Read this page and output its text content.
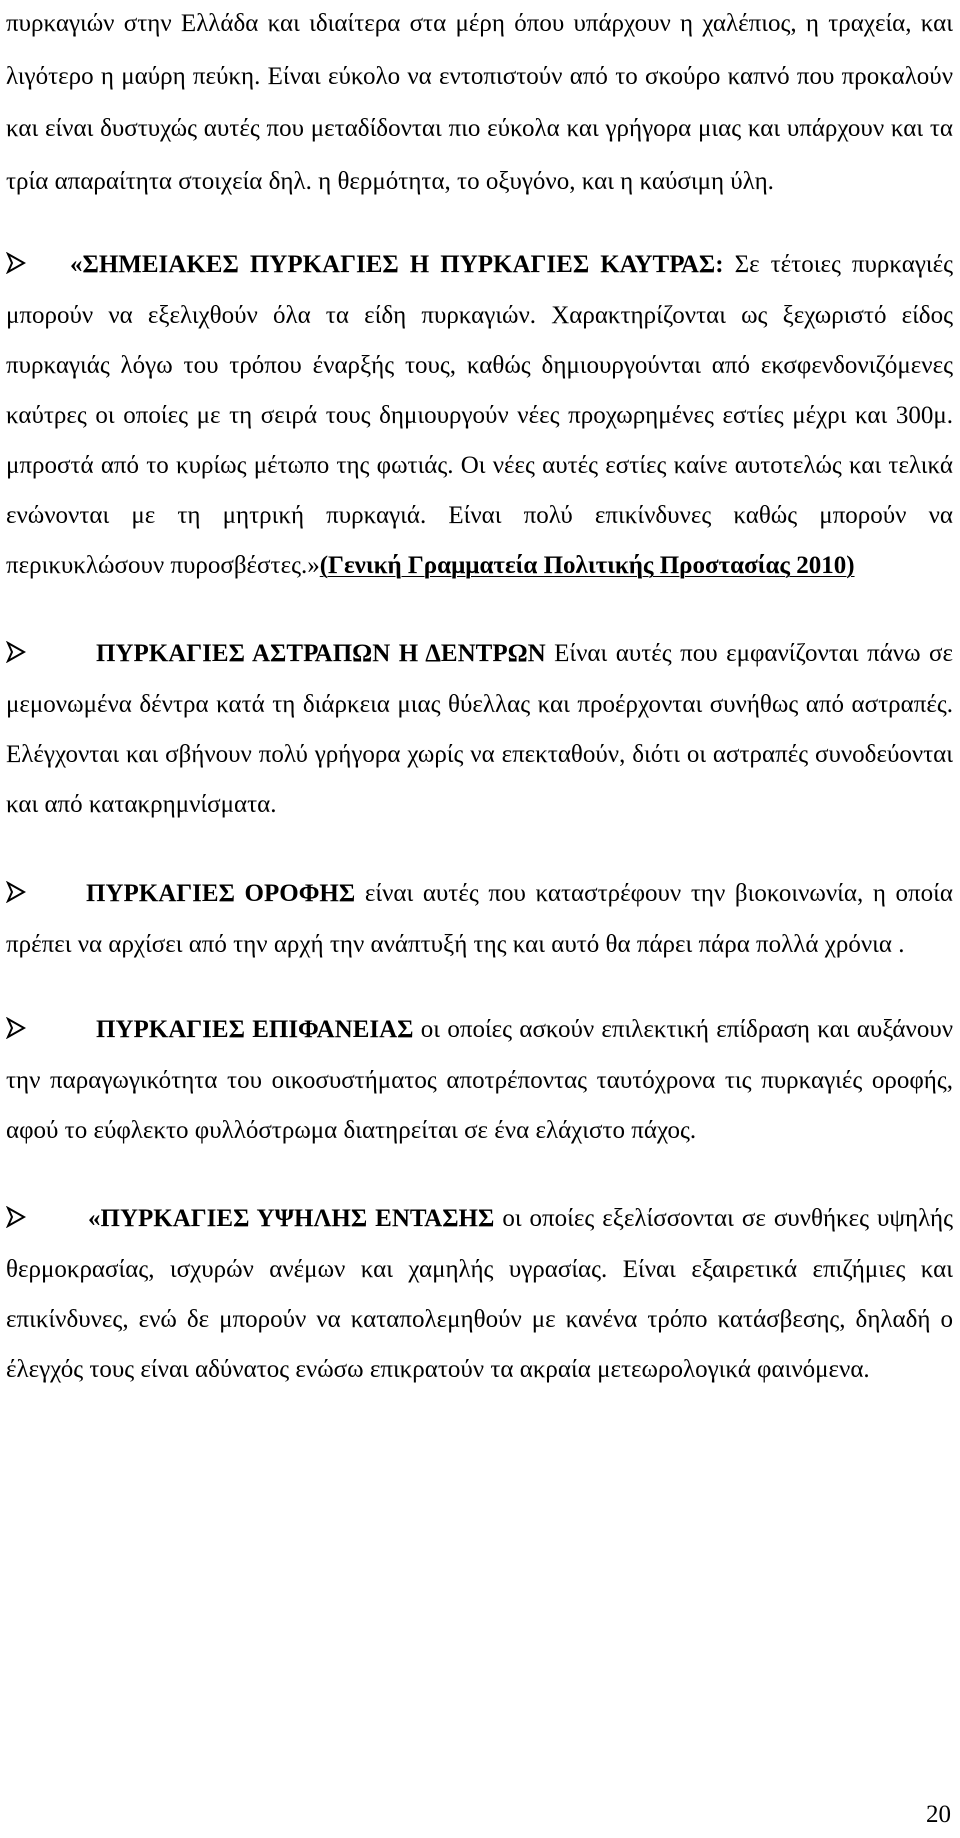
πυρκαγιών στην Ελλάδα και ιδιαίτερα στα μέρη όπου υπάρχουν η χαλέπιος, η τραχεία, και λιγότερο η μαύρη πεύκη. Είναι εύκολο να εντοπιστούν από το σκούρο καπνό που προκαλούν και είναι δυστυχώς αυτές που μεταδίδονται πιο εύκολα και γρήγορα μιας και υπάρχουν και τα τρία απαραίτητα στοιχεία δηλ. η θερμότητα, το οξυγόνο, και η καύσιμη ύλη.

«ΣΗΜΕΙΑΚΕΣ ΠΥΡΚΑΓΙΕΣ Η ΠΥΡΚΑΓΙΕΣ ΚΑΥΤΡΑΣ: Σε τέτοιες πυρκαγιές μπορούν να εξελιχθούν όλα τα είδη πυρκαγιών. Χαρακτηρίζονται ως ξεχωριστό είδος πυρκαγιάς λόγω του τρόπου έναρξής τους, καθώς δημιουργούνται από εκσφενδονιζόμενες καύτρες οι οποίες με τη σειρά τους δημιουργούν νέες προχωρημένες εστίες μέχρι και 300μ. μπροστά από το κυρίως μέτωπο της φωτιάς. Οι νέες αυτές εστίες καίνε αυτοτελώς και τελικά ενώνονται με τη μητρική πυρκαγιά. Είναι πολύ επικίνδυνες καθώς μπορούν να περικυκλώσουν πυροσβέστες.»(Γενική Γραμματεία Πολιτικής Προστασίας 2010)

ΠΥΡΚΑΓΙΕΣ ΑΣΤΡΑΠΩΝ Η ΔΕΝΤΡΩΝ Είναι αυτές που εμφανίζονται πάνω σε μεμονωμένα δέντρα κατά τη διάρκεια μιας θύελλας και προέρχονται συνήθως από αστραπές. Ελέγχονται και σβήνουν πολύ γρήγορα χωρίς να επεκταθούν, διότι οι αστραπές συνοδεύονται και από κατακρημνίσματα.

ΠΥΡΚΑΓΙΕΣ ΟΡΟΦΗΣ είναι αυτές που καταστρέφουν την βιοκοινωνία, η οποία πρέπει να αρχίσει από την αρχή την ανάπτυξή της και αυτό θα πάρει πάρα πολλά χρόνια .

ΠΥΡΚΑΓΙΕΣ ΕΠΙΦΑΝΕΙΑΣ οι οποίες ασκούν επιλεκτική επίδραση και αυξάνουν την παραγωγικότητα του οικοσυστήματος αποτρέποντας ταυτόχρονα τις πυρκαγιές οροφής, αφού το εύφλεκτο φυλλόστρωμα διατηρείται σε ένα ελάχιστο πάχος.

«ΠΥΡΚΑΓΙΕΣ ΥΨΗΛΗΣ ΕΝΤΑΣΗΣ οι οποίες εξελίσσονται σε συνθήκες υψηλής θερμοκρασίας, ισχυρών ανέμων και χαμηλής υγρασίας. Είναι εξαιρετικά επιζήμιες και επικίνδυνες, ενώ δε μπορούν να καταπολεμηθούν με κανένα τρόπο κατάσβεσης, δηλαδή ο έλεγχός τους είναι αδύνατος ενώσω επικρατούν τα ακραία μετεωρολογικά φαινόμενα.

20
